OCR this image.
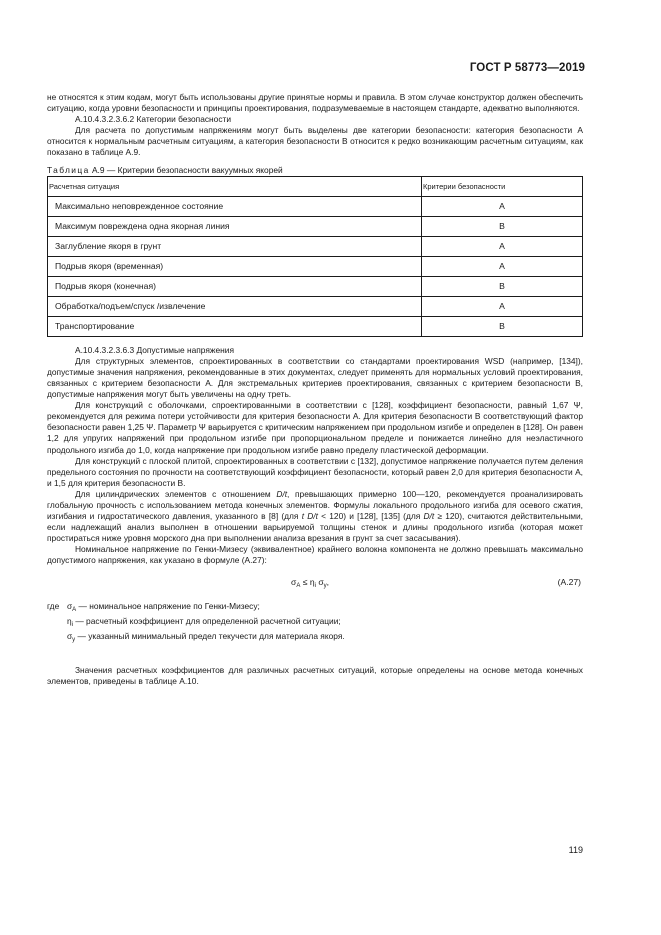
ГОСТ Р 58773—2019

не относятся к этим кодам, могут быть использованы другие принятые нормы и правила. В этом случае конструктор должен обеспечить ситуацию, когда уровни безопасности и принципы проектирования, подразумеваемые в настоящем стандарте, адекватно выполняются.

А.10.4.3.2.3.6.2 Категории безопасности

Для расчета по допустимым напряжениям могут быть выделены две категории безопасности: категория безопасности A относится к нормальным расчетным ситуациям, а категория безопасности B относится к редко возникающим расчетным ситуациям, как показано в таблице А.9.

Таблица А.9 — Критерии безопасности вакуумных якорей

Расчетная ситуация	Критерии безопасности
Максимально неповрежденное состояние	A
Максимум повреждена одна якорная линия	B
Заглубление якоря в грунт	A
Подрыв якоря (временная)	A
Подрыв якоря (конечная)	B
Обработка/подъем/спуск /извлечение	A
Транспортирование	B

А.10.4.3.2.3.6.3 Допустимые напряжения

Для структурных элементов, спроектированных в соответствии со стандартами проектирования WSD (например, [134]), допустимые значения напряжения, рекомендованные в этих документах, следует применять для нормальных условий проектирования, связанных с критерием безопасности A. Для экстремальных критериев проектирования, связанных с критерием безопасности B, допустимые напряжения могут быть увеличены на одну треть.

Для конструкций с оболочками, спроектированными в соответствии с [128], коэффициент безопасности, равный 1,67 Ψ, рекомендуется для режима потери устойчивости для критерия безопасности A. Для критерия безопасности B соответствующий фактор безопасности равен 1,25 Ψ. Параметр Ψ варьируется с критическим напряжением при продольном изгибе и определен в [128]. Он равен 1,2 для упругих напряжений при продольном изгибе при пропорциональном пределе и понижается линейно для неэластичного продольного изгиба до 1,0, когда напряжение при продольном изгибе равно пределу пластической деформации.

Для конструкций с плоской плитой, спроектированных в соответствии с [132], допустимое напряжение получается путем деления предельного состояния по прочности на соответствующий коэффициент безопасности, который равен 2,0 для критерия безопасности A, и 1,5 для критерия безопасности B.

Для цилиндрических элементов с отношением D/t, превышающих примерно 100—120, рекомендуется проанализировать глобальную прочность с использованием метода конечных элементов. Формулы локального продольного изгиба для осевого сжатия, изгибания и гидростатического давления, указанного в [8] (для t D/t < 120) и [128], [135] (для D/t ≥ 120), считаются действительными, если надлежащий анализ выполнен в отношении варьируемой толщины стенок и длины продольного изгиба (которая может простираться ниже уровня морского дна при выполнении анализа врезания в грунт за счет засасывания).

Номинальное напряжение по Генки-Мизесу (эквивалентное) крайнего волокна компонента не должно превышать максимально допустимого напряжения, как указано в формуле (А.27):

$\sigma_A \le \eta_i$ $\sigma_y$,	(А.27)

где $\sigma_A$ — номинальное напряжение по Генки-Мизесу;

$\eta_i$ — расчетный коэффициент для определенной расчетной ситуации;

$\sigma_y$ — указанный минимальный предел текучести для материала якоря.

Значения расчетных коэффициентов для различных расчетных ситуаций, которые определены на основе метода конечных элементов, приведены в таблице А.10.

119
